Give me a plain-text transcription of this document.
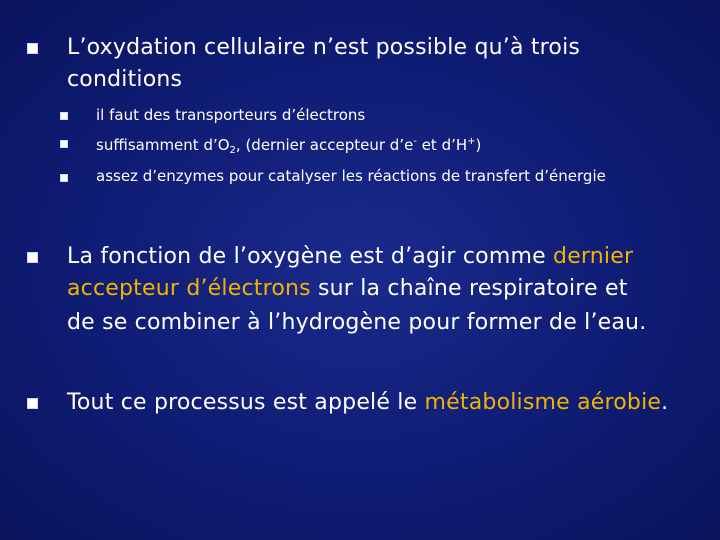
L’oxydation cellulaire n’est possible qu’à trois
conditions
il faut des transporteurs d’électrons
suffisamment $d’O_2$, (dernier accepteur d’e- et d’H+)
assez d’enzymes pour catalyser les réactions de transfert d’énergie
La fonction de l’oxygène est d’agir comme dernier
accepteur d’électrons sur la chaîne respiratoire et
de se combiner à l’hydrogène pour former de l’eau.
Tout ce processus est appelé le métabolisme aérobie.
